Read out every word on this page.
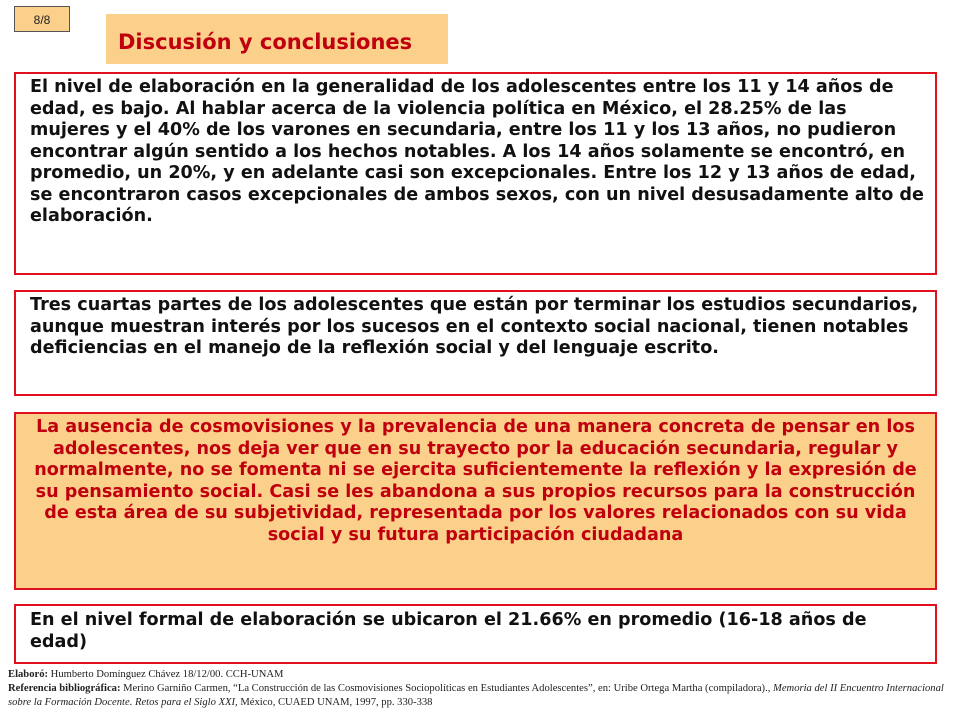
8/8
Discusión y conclusiones
El nivel de elaboración en la generalidad de los adolescentes entre los 11 y 14 años de edad, es bajo. Al hablar acerca de la violencia política en México, el 28.25% de las mujeres y el 40% de los varones en secundaria, entre los 11 y los 13 años, no pudieron encontrar algún sentido a los hechos notables. A los 14 años solamente se encontró, en promedio, un 20%, y en adelante casi son excepcionales. Entre los 12 y 13 años de edad, se encontraron casos excepcionales de ambos sexos, con un nivel desusadamente alto de elaboración.
Tres cuartas partes de los adolescentes que están por terminar los estudios secundarios, aunque muestran interés por los sucesos en el contexto social nacional, tienen notables deficiencias en el manejo de la reflexión social y del lenguaje escrito.
La ausencia de cosmovisiones y la prevalencia de una manera concreta de pensar en los adolescentes, nos deja ver que en su trayecto por la educación secundaria, regular y normalmente, no se fomenta ni se ejercita suficientemente la reflexión y la expresión de su pensamiento social. Casi se les abandona a sus propios recursos para la construcción de esta área de su subjetividad, representada por los valores relacionados con su vida social y su futura participación ciudadana
En el nivel formal de elaboración se ubicaron el 21.66% en promedio (16-18 años de edad)
Elaboró: Humberto Domínguez Chávez 18/12/00. CCH-UNAM
Referencia bibliográfica: Merino Garniño Carmen, “La Construcción de las Cosmovisiones Sociopolíticas en Estudiantes Adolescentes”, en: Uribe Ortega Martha (compiladora)., Memoria del II Encuentro Internacional sobre la Formación Docente. Retos para el Siglo XXI, México, CUAED UNAM, 1997, pp. 330-338
